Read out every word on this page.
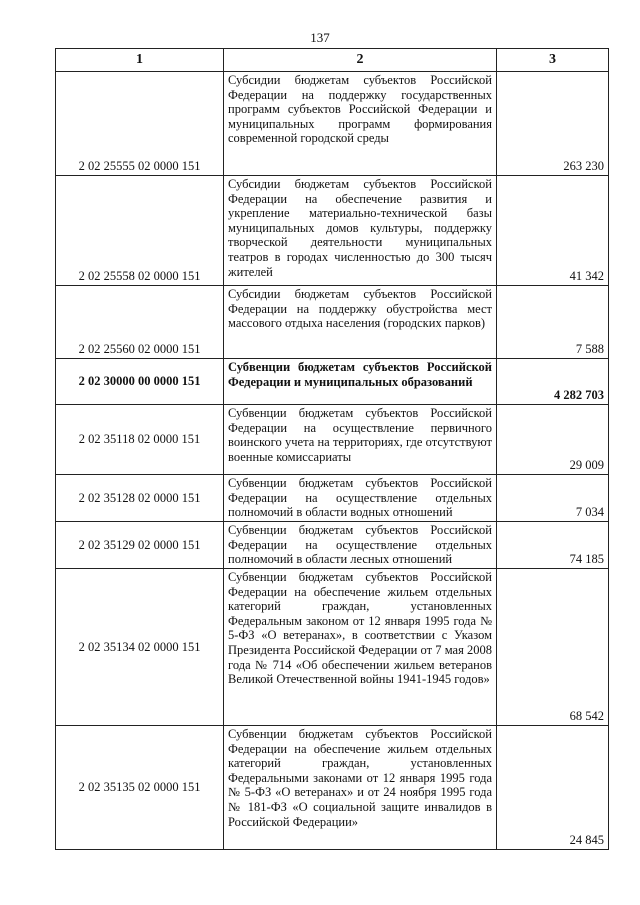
137
1	2	3
2 02 25555 02 0000 151	Субсидии бюджетам субъектов Российской Федерации на поддержку государственных программ субъектов Российской Федерации и муниципальных программ формирования современной городской среды	263 230
2 02 25558 02 0000 151	Субсидии бюджетам субъектов Российской Федерации на обеспечение развития и укрепление материально-технической базы муниципальных домов культуры, поддержку творческой деятельности муниципальных театров в городах численностью до 300 тысяч жителей	41 342
2 02 25560 02 0000 151	Субсидии бюджетам субъектов Российской Федерации на поддержку обустройства мест массового отдыха населения (городских парков)	7 588
2 02 30000 00 0000 151	Субвенции бюджетам субъектов Российской Федерации и муниципальных образований	4 282 703
2 02 35118 02 0000 151	Субвенции бюджетам субъектов Российской Федерации на осуществление первичного воинского учета на территориях, где отсутствуют военные комиссариаты	29 009
2 02 35128 02 0000 151	Субвенции бюджетам субъектов Российской Федерации на осуществление отдельных полномочий в области водных отношений	7 034
2 02 35129 02 0000 151	Субвенции бюджетам субъектов Российской Федерации на осуществление отдельных полномочий в области лесных отношений	74 185
2 02 35134 02 0000 151	Субвенции бюджетам субъектов Российской Федерации на обеспечение жильем отдельных категорий граждан, установленных Федеральным законом от 12 января 1995 года № 5-ФЗ «О ветеранах», в соответствии с Указом Президента Российской Федерации от 7 мая 2008 года № 714 «Об обеспечении жильем ветеранов Великой Отечественной войны 1941-1945 годов»	68 542
2 02 35135 02 0000 151	Субвенции бюджетам субъектов Российской Федерации на обеспечение жильем отдельных категорий граждан, установленных Федеральными законами от 12 января 1995 года № 5-ФЗ «О ветеранах» и от 24 ноября 1995 года № 181-ФЗ «О социальной защите инвалидов в Российской Федерации»	24 845
